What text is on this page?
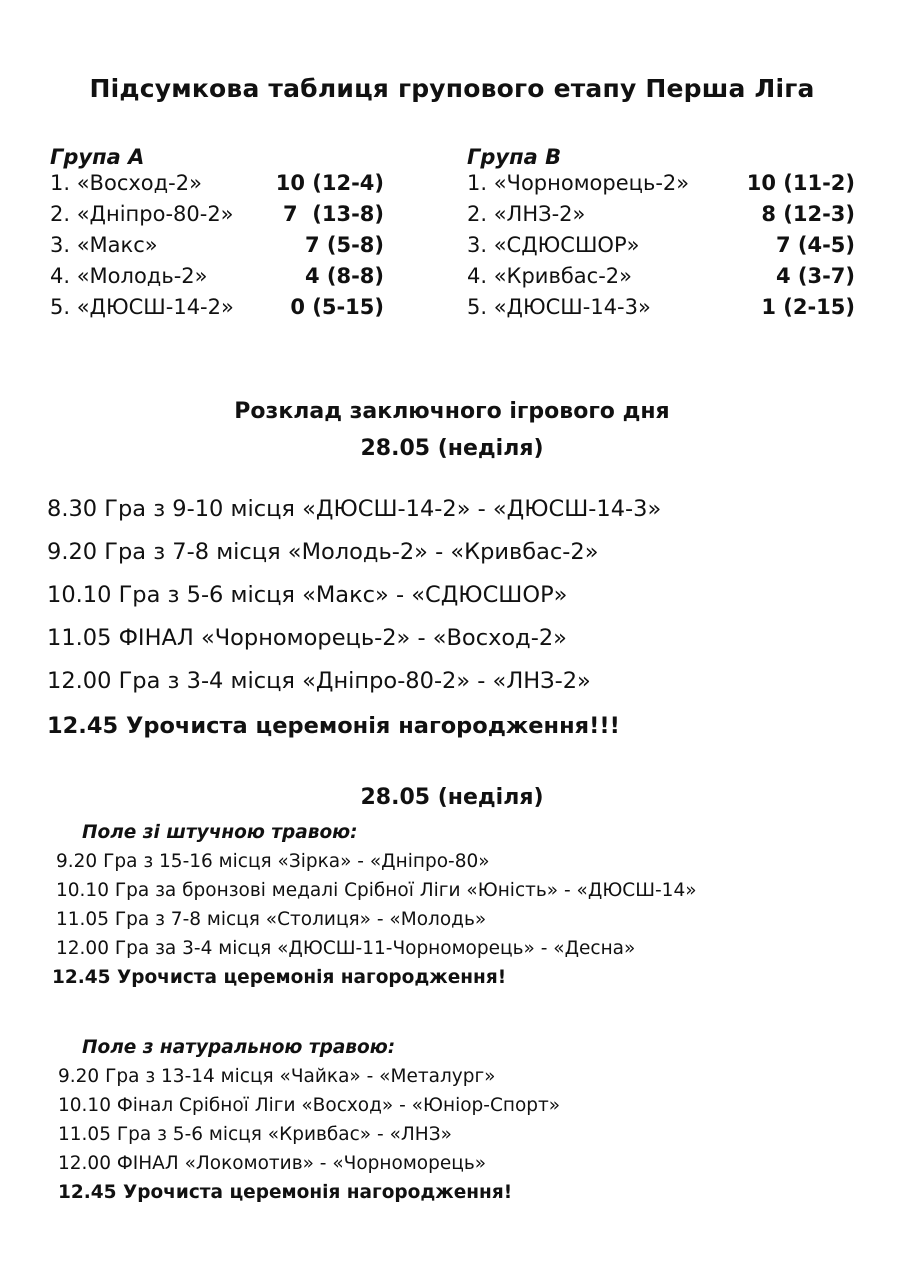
Підсумкова таблиця групового етапу Перша Ліга
Група А
1. «Восход-2»	10 (12-4)
2. «Дніпро-80-2» 7  (13-8)
3. «Макс»	7 (5-8)
4. «Молодь-2»	4 (8-8)
5. «ДЮСШ-14-2»	0 (5-15)
Група В
1. «Чорноморець-2»	10 (11-2)
2. «ЛНЗ-2»	8 (12-3)
3. «СДЮСШОР»	7 (4-5)
4. «Кривбас-2»	4 (3-7)
5. «ДЮСШ-14-3»	1 (2-15)
Розклад заключного ігрового дня
28.05 (неділя)
8.30 Гра з 9-10 місця «ДЮСШ-14-2» - «ДЮСШ-14-3»
9.20 Гра з 7-8 місця «Молодь-2» - «Кривбас-2»
10.10 Гра з 5-6 місця «Макс» - «СДЮСШОР»
11.05 ФІНАЛ «Чорноморець-2» - «Восход-2»
12.00 Гра з 3-4 місця «Дніпро-80-2» - «ЛНЗ-2»
12.45 Урочиста церемонія нагородження!!!
28.05 (неділя)
Поле зі штучною травою:
9.20 Гра з 15-16 місця «Зірка» - «Дніпро-80»
10.10 Гра за бронзові медалі Срібної Ліги «Юність» - «ДЮСШ-14»
11.05 Гра з 7-8 місця «Столиця» - «Молодь»
12.00 Гра за 3-4 місця «ДЮСШ-11-Чорноморець» - «Десна»
12.45 Урочиста церемонія нагородження!
Поле з натуральною травою:
9.20 Гра з 13-14 місця «Чайка» - «Металург»
10.10 Фінал Срібної Ліги «Восход» - «Юніор-Спорт»
11.05 Гра з 5-6 місця «Кривбас» - «ЛНЗ»
12.00 ФІНАЛ «Локомотив» - «Чорноморець»
12.45 Урочиста церемонія нагородження!
